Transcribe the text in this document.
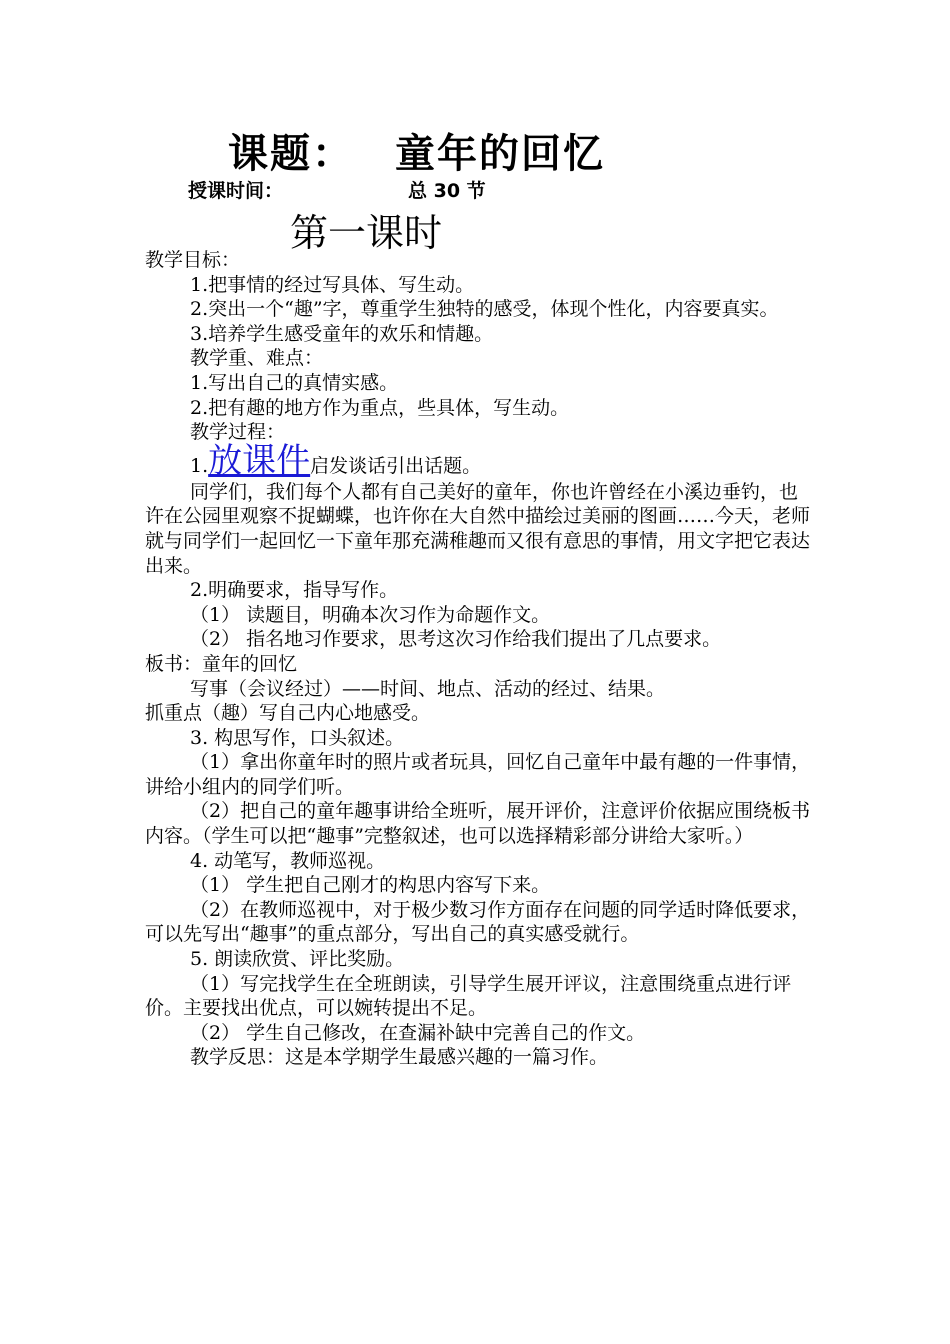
课题： 童年的回忆
授课时间：	总 30 节
第一课时

教学目标：

1.把事情的经过写具体、写生动。

2.突出一个“趣”字，尊重学生独特的感受，体现个性化，内容要真实。

3.培养学生感受童年的欢乐和情趣。

教学重、难点：

1.写出自己的真情实感。

2.把有趣的地方作为重点，些具体，写生动。

教学过程：

1.放课件启发谈话引出话题。

同学们，我们每个人都有自己美好的童年，你也许曾经在小溪边垂钓，也许在公园里观察不捉蝴蝶，也许你在大自然中描绘过美丽的图画……今天，老师就与同学们一起回忆一下童年那充满稚趣而又很有意思的事情，用文字把它表达出来。

2.明确要求，指导写作。

（1） 读题目，明确本次习作为命题作文。

（2） 指名地习作要求，思考这次习作给我们提出了几点要求。

板书：童年的回忆

写事（会议经过）——时间、地点、活动的经过、结果。

抓重点（趣）写自己内心地感受。

3. 构思写作，口头叙述。

（1）拿出你童年时的照片或者玩具，回忆自己童年中最有趣的一件事情，讲给小组内的同学们听。

（2）把自己的童年趣事讲给全班听，展开评价，注意评价依据应围绕板书内容。（学生可以把“趣事”完整叙述，也可以选择精彩部分讲给大家听。）

4. 动笔写，教师巡视。

（1） 学生把自己刚才的构思内容写下来。

（2）在教师巡视中，对于极少数习作方面存在问题的同学适时降低要求，可以先写出“趣事”的重点部分，写出自己的真实感受就行。

5. 朗读欣赏、评比奖励。

（1）写完找学生在全班朗读，引导学生展开评议，注意围绕重点进行评价。主要找出优点，可以婉转提出不足。

（2） 学生自己修改，在查漏补缺中完善自己的作文。

教学反思：这是本学期学生最感兴趣的一篇习作。
